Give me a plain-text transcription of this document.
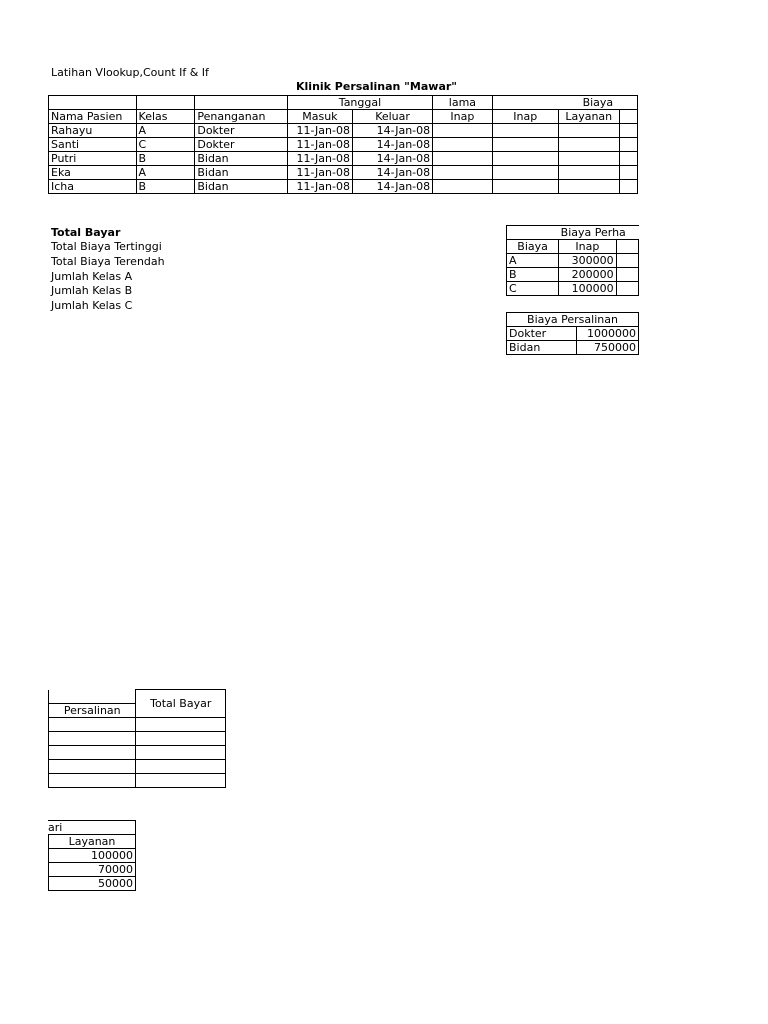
Latihan Vlookup,Count If & If
Klinik Persalinan "Mawar"
			Tanggal		lama	Biaya		
Nama Pasien	Kelas	Penanganan	Masuk	Keluar	Inap	Inap	Layanan	
Rahayu	A	Dokter	11-Jan-08	14-Jan-08				
Santi	C	Dokter	11-Jan-08	14-Jan-08				
Putri	B	Bidan	11-Jan-08	14-Jan-08				
Eka	A	Bidan	11-Jan-08	14-Jan-08				
Icha	B	Bidan	11-Jan-08	14-Jan-08				
Total Bayar
Total Biaya Tertinggi
Total Biaya Terendah
Jumlah Kelas A
Jumlah Kelas B
Jumlah Kelas C
	Biaya Perha	
Biaya	Inap	
A	300000	
B	200000	
C	100000	
Biaya Persalinan	
Dokter	1000000
Bidan	750000
	Total Bayar
Persalinan	

ari
Layanan
100000
70000
50000
